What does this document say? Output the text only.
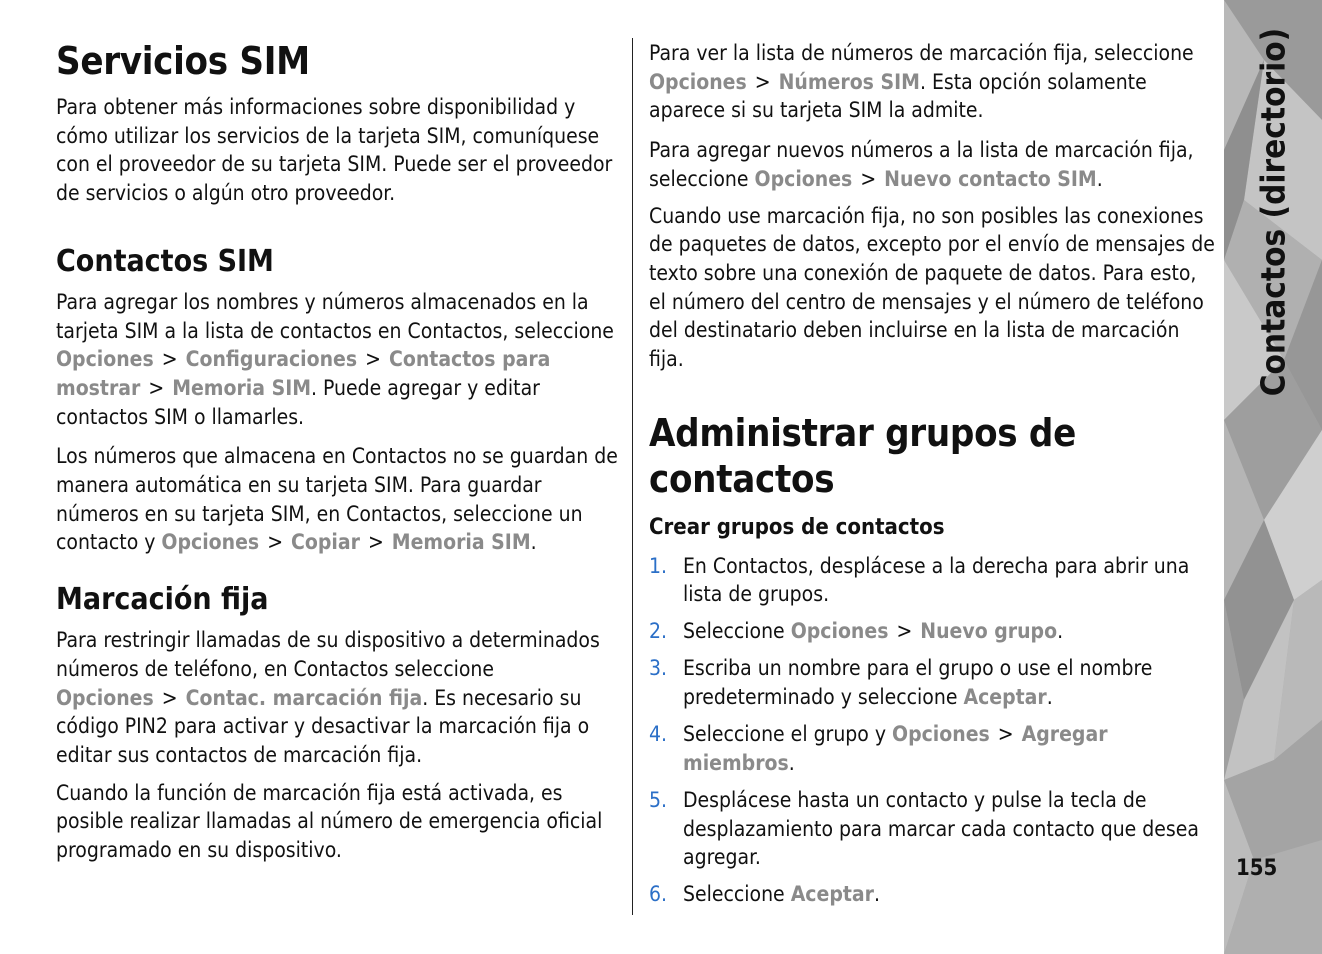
Servicios SIM

Para obtener más informaciones sobre disponibilidad y cómo utilizar los servicios de la tarjeta SIM, comuníquese con el proveedor de su tarjeta SIM. Puede ser el proveedor de servicios o algún otro proveedor.

Contactos SIM

Para agregar los nombres y números almacenados en la tarjeta SIM a la lista de contactos en Contactos, seleccione Opciones > Configuraciones > Contactos para mostrar > Memoria SIM. Puede agregar y editar contactos SIM o llamarles.

Los números que almacena en Contactos no se guardan de manera automática en su tarjeta SIM. Para guardar números en su tarjeta SIM, en Contactos, seleccione un contacto y Opciones > Copiar > Memoria SIM.

Marcación fija

Para restringir llamadas de su dispositivo a determinados números de teléfono, en Contactos seleccione Opciones > Contac. marcación fija. Es necesario su código PIN2 para activar y desactivar la marcación fija o editar sus contactos de marcación fija.

Cuando la función de marcación fija está activada, es posible realizar llamadas al número de emergencia oficial programado en su dispositivo.

Para ver la lista de números de marcación fija, seleccione Opciones > Números SIM. Esta opción solamente aparece si su tarjeta SIM la admite.

Para agregar nuevos números a la lista de marcación fija, seleccione Opciones > Nuevo contacto SIM.

Cuando use marcación fija, no son posibles las conexiones de paquetes de datos, excepto por el envío de mensajes de texto sobre una conexión de paquete de datos. Para esto, el número del centro de mensajes y el número de teléfono del destinatario deben incluirse en la lista de marcación fija.

Administrar grupos de contactos
Crear grupos de contactos
1. En Contactos, desplácese a la derecha para abrir una lista de grupos.
2. Seleccione Opciones > Nuevo grupo.
3. Escriba un nombre para el grupo o use el nombre predeterminado y seleccione Aceptar.
4. Seleccione el grupo y Opciones > Agregar miembros.
5. Desplácese hasta un contacto y pulse la tecla de desplazamiento para marcar cada contacto que desea agregar.
6. Seleccione Aceptar.
Contactos (directorio)
155
